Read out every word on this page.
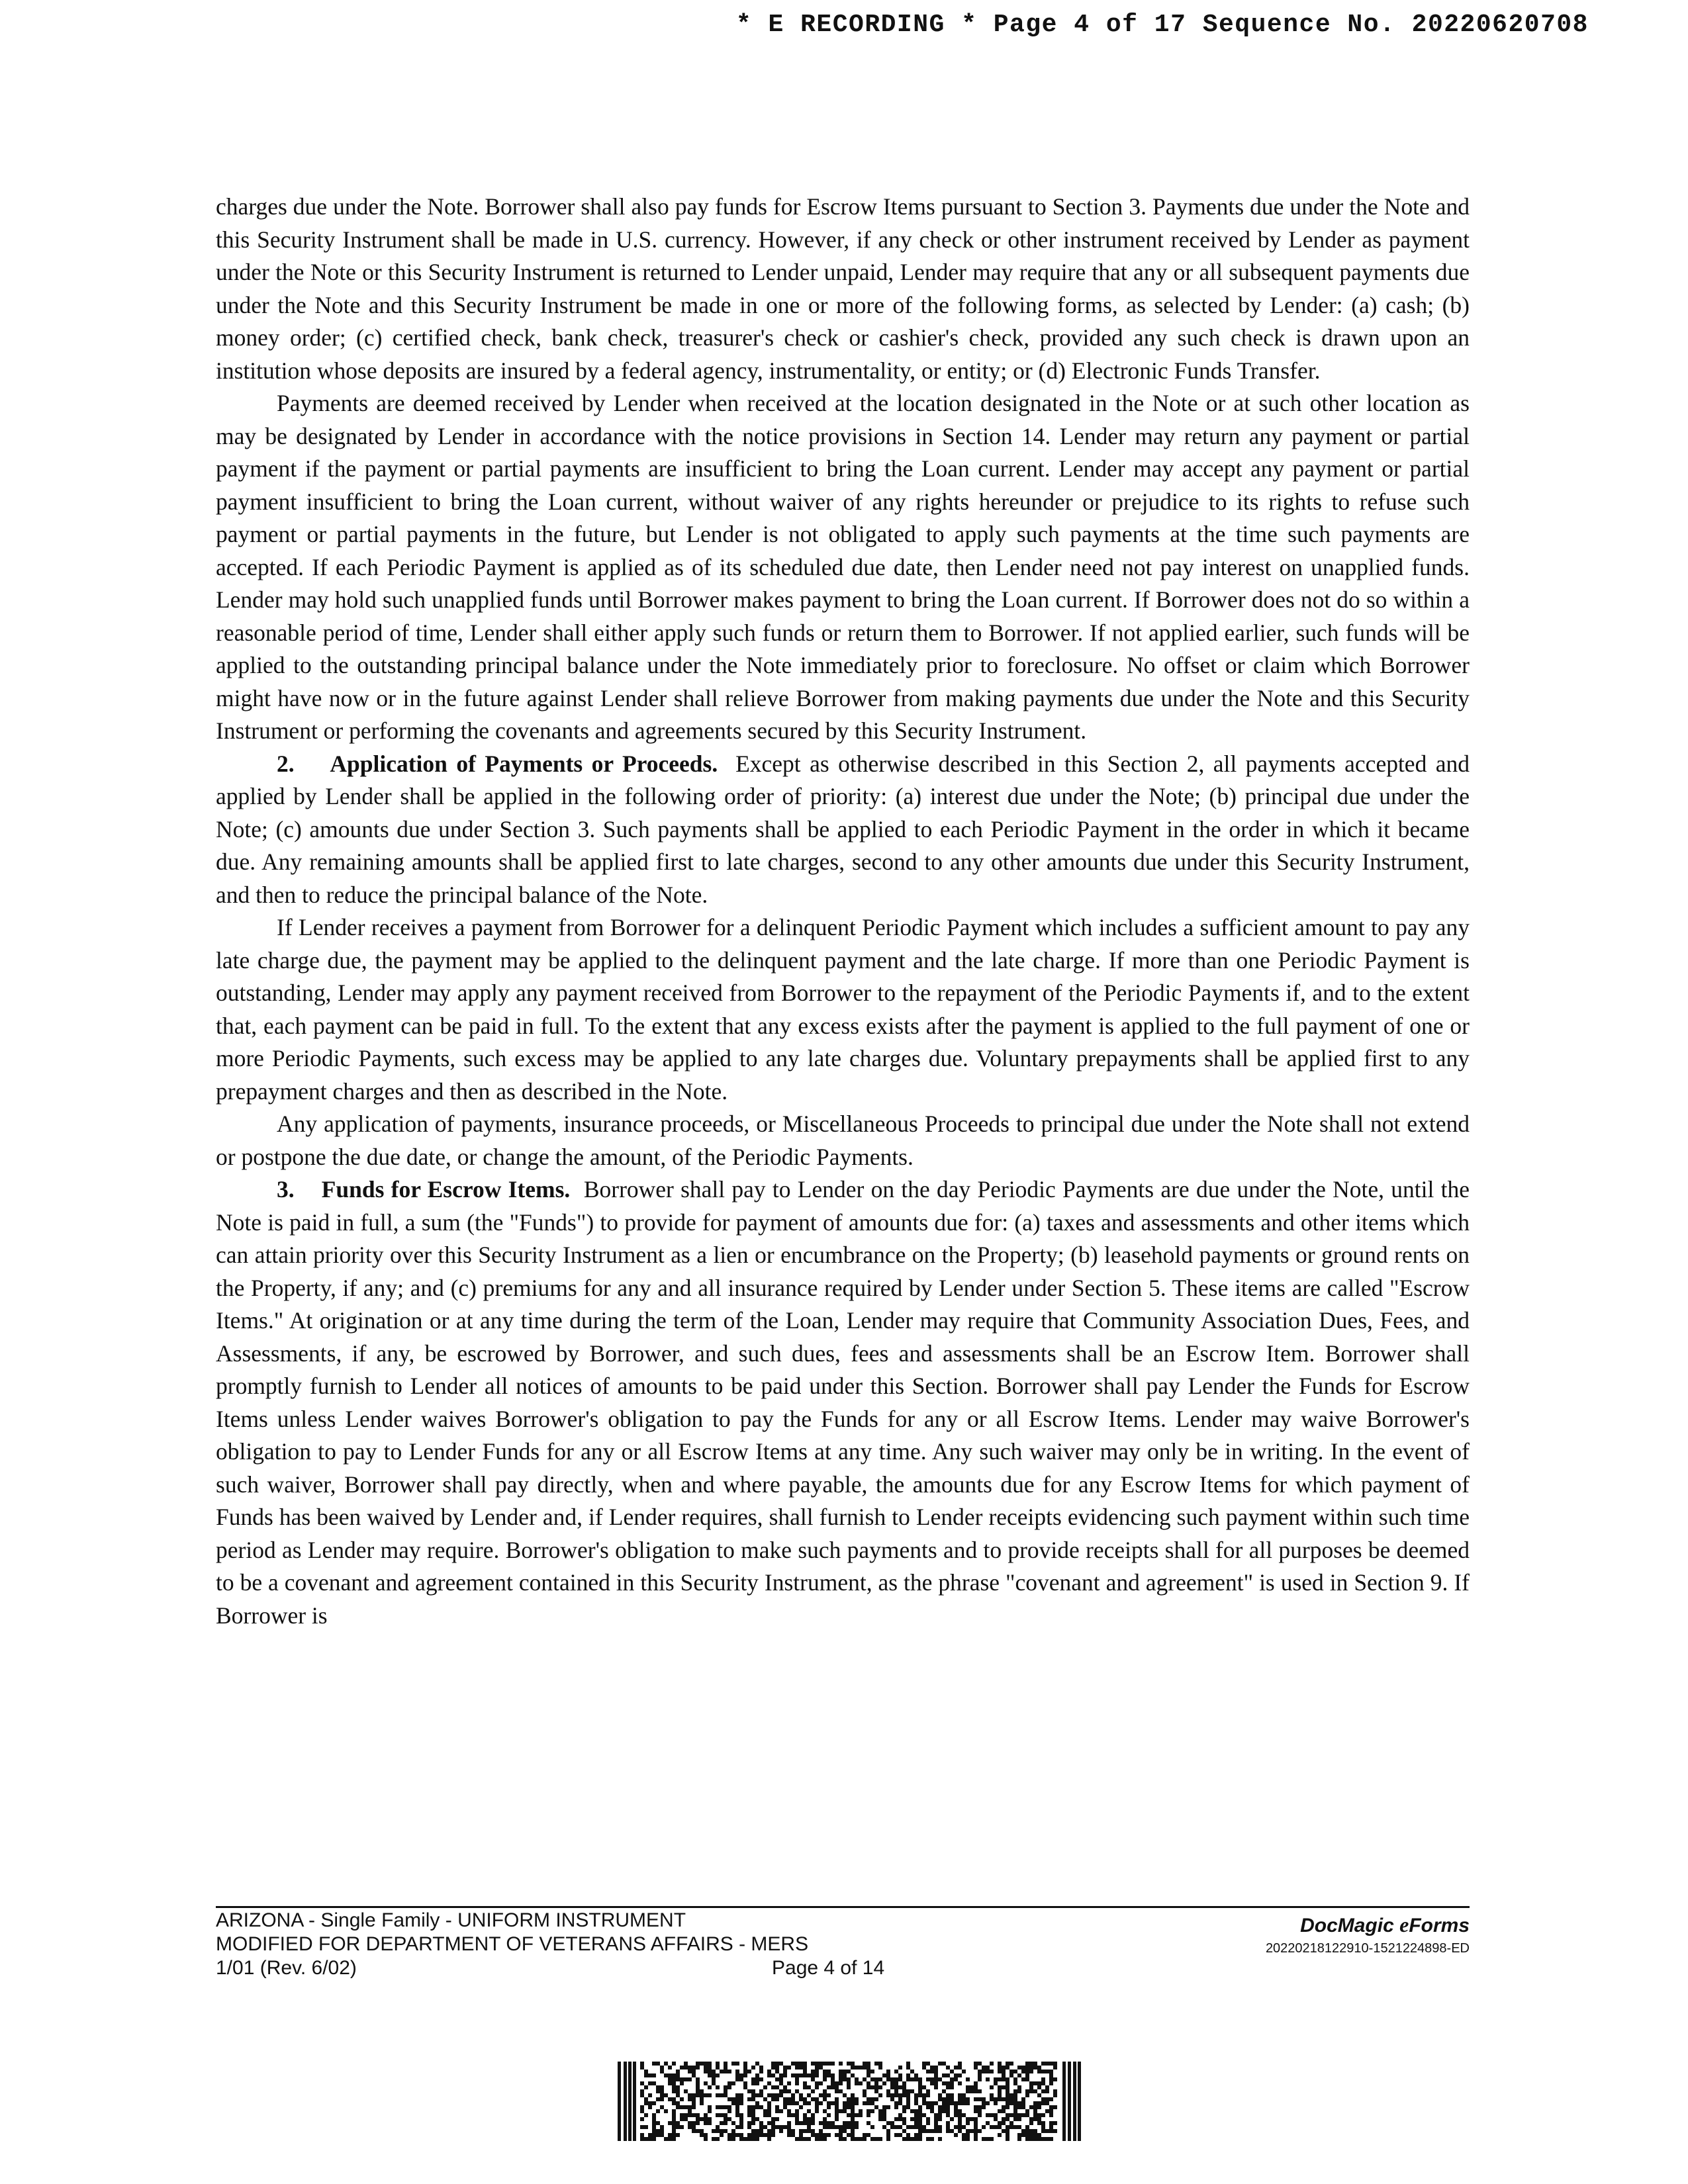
* E RECORDING * Page 4 of 17 Sequence No. 20220620708

charges due under the Note. Borrower shall also pay funds for Escrow Items pursuant to Section 3. Payments due under the Note and this Security Instrument shall be made in U.S. currency. However, if any check or other instrument received by Lender as payment under the Note or this Security Instrument is returned to Lender unpaid, Lender may require that any or all subsequent payments due under the Note and this Security Instrument be made in one or more of the following forms, as selected by Lender: (a) cash; (b) money order; (c) certified check, bank check, treasurer's check or cashier's check, provided any such check is drawn upon an institution whose deposits are insured by a federal agency, instrumentality, or entity; or (d) Electronic Funds Transfer.

Payments are deemed received by Lender when received at the location designated in the Note or at such other location as may be designated by Lender in accordance with the notice provisions in Section 14. Lender may return any payment or partial payment if the payment or partial payments are insufficient to bring the Loan current. Lender may accept any payment or partial payment insufficient to bring the Loan current, without waiver of any rights hereunder or prejudice to its rights to refuse such payment or partial payments in the future, but Lender is not obligated to apply such payments at the time such payments are accepted. If each Periodic Payment is applied as of its scheduled due date, then Lender need not pay interest on unapplied funds. Lender may hold such unapplied funds until Borrower makes payment to bring the Loan current. If Borrower does not do so within a reasonable period of time, Lender shall either apply such funds or return them to Borrower. If not applied earlier, such funds will be applied to the outstanding principal balance under the Note immediately prior to foreclosure. No offset or claim which Borrower might have now or in the future against Lender shall relieve Borrower from making payments due under the Note and this Security Instrument or performing the covenants and agreements secured by this Security Instrument.

2. Application of Payments or Proceeds. Except as otherwise described in this Section 2, all payments accepted and applied by Lender shall be applied in the following order of priority: (a) interest due under the Note; (b) principal due under the Note; (c) amounts due under Section 3. Such payments shall be applied to each Periodic Payment in the order in which it became due. Any remaining amounts shall be applied first to late charges, second to any other amounts due under this Security Instrument, and then to reduce the principal balance of the Note.

If Lender receives a payment from Borrower for a delinquent Periodic Payment which includes a sufficient amount to pay any late charge due, the payment may be applied to the delinquent payment and the late charge. If more than one Periodic Payment is outstanding, Lender may apply any payment received from Borrower to the repayment of the Periodic Payments if, and to the extent that, each payment can be paid in full. To the extent that any excess exists after the payment is applied to the full payment of one or more Periodic Payments, such excess may be applied to any late charges due. Voluntary prepayments shall be applied first to any prepayment charges and then as described in the Note.

Any application of payments, insurance proceeds, or Miscellaneous Proceeds to principal due under the Note shall not extend or postpone the due date, or change the amount, of the Periodic Payments.

3. Funds for Escrow Items. Borrower shall pay to Lender on the day Periodic Payments are due under the Note, until the Note is paid in full, a sum (the "Funds") to provide for payment of amounts due for: (a) taxes and assessments and other items which can attain priority over this Security Instrument as a lien or encumbrance on the Property; (b) leasehold payments or ground rents on the Property, if any; and (c) premiums for any and all insurance required by Lender under Section 5. These items are called "Escrow Items." At origination or at any time during the term of the Loan, Lender may require that Community Association Dues, Fees, and Assessments, if any, be escrowed by Borrower, and such dues, fees and assessments shall be an Escrow Item. Borrower shall promptly furnish to Lender all notices of amounts to be paid under this Section. Borrower shall pay Lender the Funds for Escrow Items unless Lender waives Borrower's obligation to pay the Funds for any or all Escrow Items. Lender may waive Borrower's obligation to pay to Lender Funds for any or all Escrow Items at any time. Any such waiver may only be in writing. In the event of such waiver, Borrower shall pay directly, when and where payable, the amounts due for any Escrow Items for which payment of Funds has been waived by Lender and, if Lender requires, shall furnish to Lender receipts evidencing such payment within such time period as Lender may require. Borrower's obligation to make such payments and to provide receipts shall for all purposes be deemed to be a covenant and agreement contained in this Security Instrument, as the phrase "covenant and agreement" is used in Section 9. If Borrower is

ARIZONA - Single Family - UNIFORM INSTRUMENT
MODIFIED FOR DEPARTMENT OF VETERANS AFFAIRS - MERS
1/01 (Rev. 6/02)	Page 4 of 14
DocMagic eForms
20220218122910-1521224898-ED
